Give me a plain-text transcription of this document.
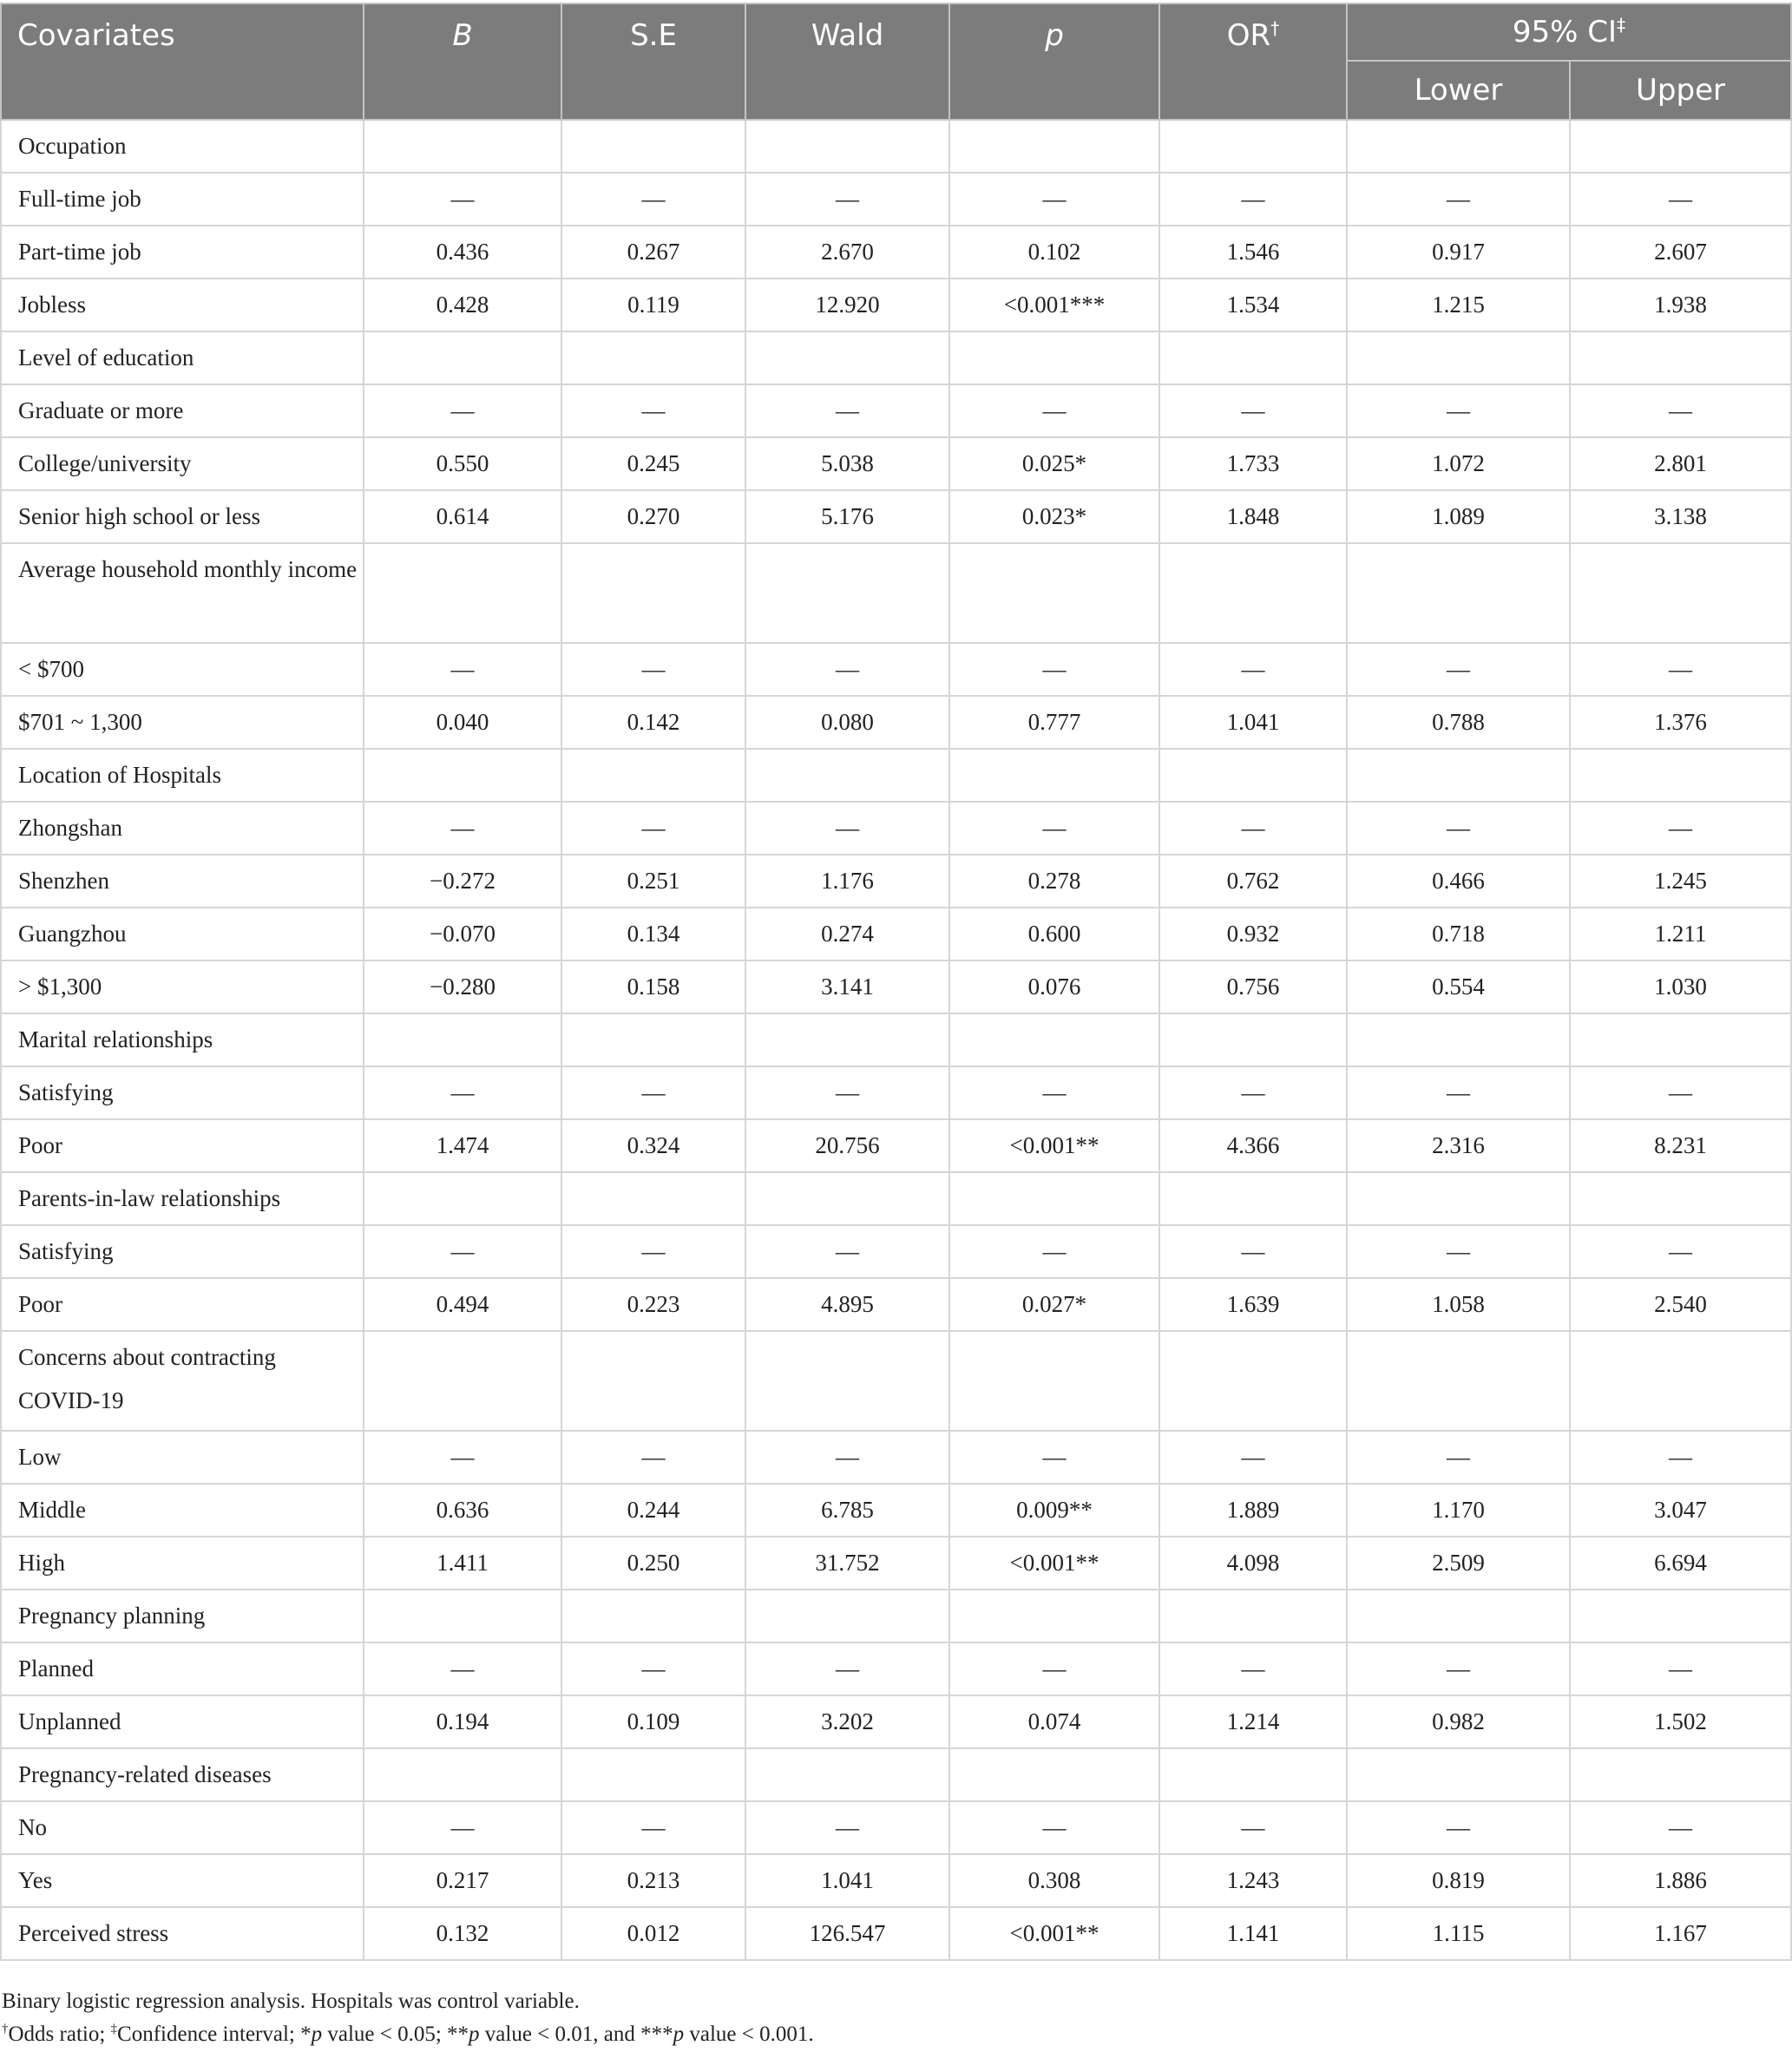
Covariates	B	S.E	Wald	p	OR†	95% CI‡
						Lower	Upper
Occupation							
Full-time job	—	—	—	—	—	—	—
Part-time job	0.436	0.267	2.670	0.102	1.546	0.917	2.607
Jobless	0.428	0.119	12.920	<0.001***	1.534	1.215	1.938
Level of education							
Graduate or more	—	—	—	—	—	—	—
College/university	0.550	0.245	5.038	0.025*	1.733	1.072	2.801
Senior high school or less	0.614	0.270	5.176	0.023*	1.848	1.089	3.138
Average household monthly income							
< $700	—	—	—	—	—	—	—
$701 ~ 1,300	0.040	0.142	0.080	0.777	1.041	0.788	1.376
Location of Hospitals							
Zhongshan	—	—	—	—	—	—	—
Shenzhen	−0.272	0.251	1.176	0.278	0.762	0.466	1.245
Guangzhou	−0.070	0.134	0.274	0.600	0.932	0.718	1.211
> $1,300	−0.280	0.158	3.141	0.076	0.756	0.554	1.030
Marital relationships							
Satisfying	—	—	—	—	—	—	—
Poor	1.474	0.324	20.756	<0.001**	4.366	2.316	8.231
Parents-in-law relationships							
Satisfying	—	—	—	—	—	—	—
Poor	0.494	0.223	4.895	0.027*	1.639	1.058	2.540
Concerns about contracting COVID-19							
Low	—	—	—	—	—	—	—
Middle	0.636	0.244	6.785	0.009**	1.889	1.170	3.047
High	1.411	0.250	31.752	<0.001**	4.098	2.509	6.694
Pregnancy planning							
Planned	—	—	—	—	—	—	—
Unplanned	0.194	0.109	3.202	0.074	1.214	0.982	1.502
Pregnancy-related diseases							
No	—	—	—	—	—	—	—
Yes	0.217	0.213	1.041	0.308	1.243	0.819	1.886
Perceived stress	0.132	0.012	126.547	<0.001**	1.141	1.115	1.167
Binary logistic regression analysis. Hospitals was control variable.
†Odds ratio; ‡Confidence interval; *p value < 0.05; **p value < 0.01, and ***p value < 0.001.
